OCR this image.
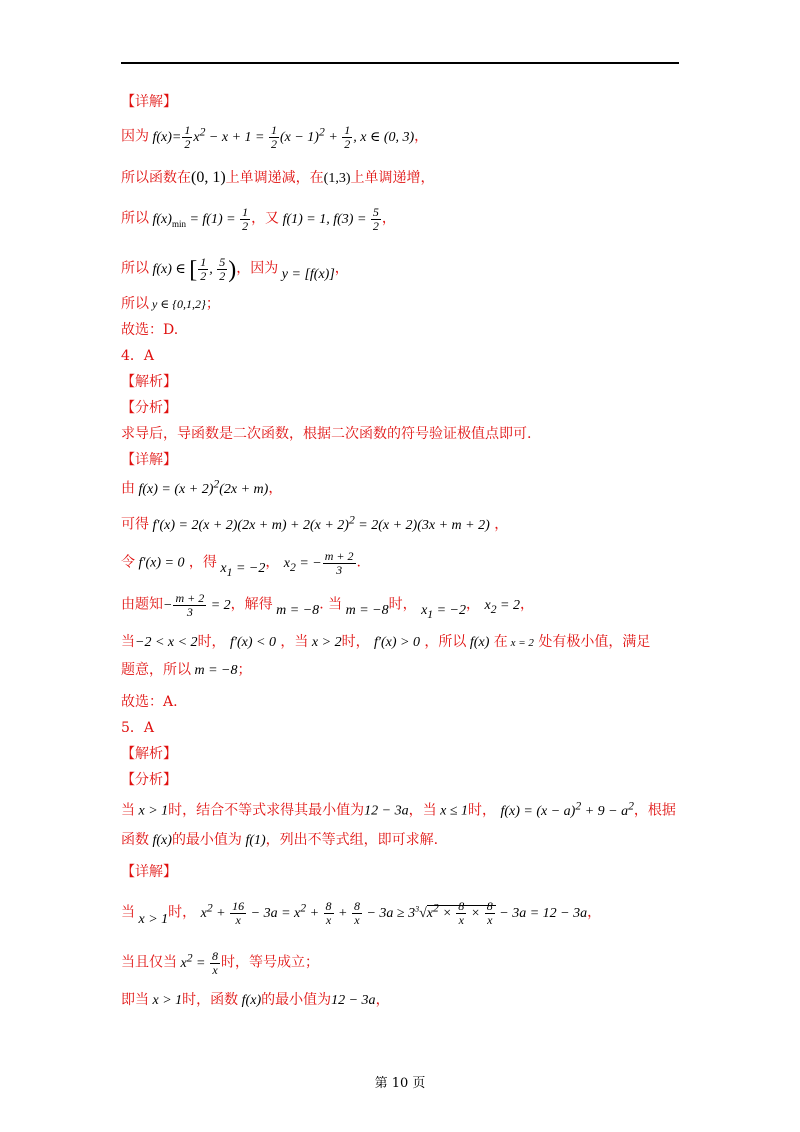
【详解】
因为 $f(x)= \frac{1}{2} x^2 - x + 1 = \frac{1}{2} (x - 1)^2 + \frac{1}{2}$ , x ∈ (0, 3)，
所以函数在(0, 1)上单调递减，在(1,3)上单调递增，
所以 $f(x)_{min} = f(1) = \frac{1}{2}$ ，又 f(1) = 1, $f(3) = \frac{5}{2}$ ，
所以 f(x) ∈ [ $\frac{1}{2}$ , $\frac{5}{2}$ )，因为 y = [f(x)]，
所以 y ∈ {0,1,2}；
故选：D.
4．A
【解析】
【分析】
求导后，导函数是二次函数，根据二次函数的符号验证极值点即可.
【详解】
由 $f(x) = (x + 2)^2(2x + m)$，
可得 $f'(x) = 2(x + 2)(2x + m) + 2(x + 2)^2 = 2(x + 2)(3x + m + 2)$ ，
令 f′(x) = 0 ，得 $x_1 = -2$， $x_2$ = − $\frac{m + 2}{3}$ .
由题知− $\frac{m + 2}{3} = 2$，解得 m = −8. 当 m = −8时， $x_1 = -2$， $x_2 = 2$，
当−2 < x < 2时， f′(x) < 0 ，当 x > 2时， f′(x) > 0 ，所以 f(x) 在 x = 2 处有极小值，满足
题意，所以 m = −8；
故选：A.
5．A
【解析】
【分析】
当 x > 1时，结合不等式求得其最小值为12 − 3a，当 x ≤ 1时， $f(x) = (x - a)^2 + 9 - a^2$，根据
函数 f(x)的最小值为 f(1)，列出不等式组，即可求解.
【详解】
当 x > 1时， $x^2 + \frac{16}{x} - 3a = x^2 + \frac{8}{x} + \frac{8}{x} - 3a \ge 3^3√x^2 \times \frac{8}{x} \times \frac{8}{x} - 3a = 12 - 3a$，
当且仅当 $x^2 = \frac{8}{x}$ 时，等号成立；
即当 x > 1时，函数 f(x)的最小值为12 − 3a，
第 10 页
